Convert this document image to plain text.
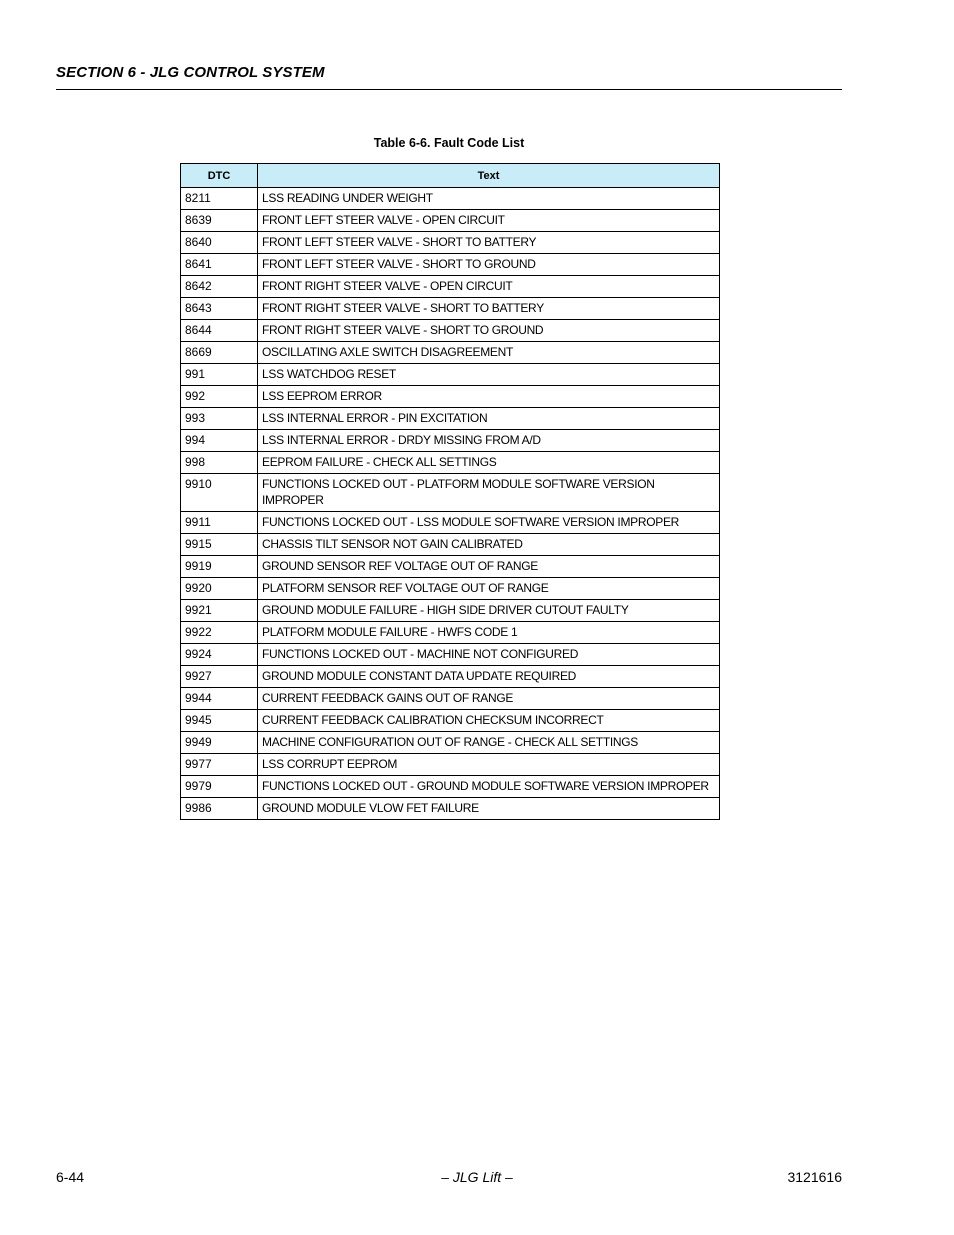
SECTION 6 - JLG CONTROL SYSTEM
Table 6-6. Fault Code List
DTC	Text
8211	LSS READING UNDER WEIGHT
8639	FRONT LEFT STEER VALVE - OPEN CIRCUIT
8640	FRONT LEFT STEER VALVE - SHORT TO BATTERY
8641	FRONT LEFT STEER VALVE - SHORT TO GROUND
8642	FRONT RIGHT STEER VALVE - OPEN CIRCUIT
8643	FRONT RIGHT STEER VALVE - SHORT TO BATTERY
8644	FRONT RIGHT STEER VALVE - SHORT TO GROUND
8669	OSCILLATING AXLE SWITCH DISAGREEMENT
991	LSS WATCHDOG RESET
992	LSS EEPROM ERROR
993	LSS INTERNAL ERROR - PIN EXCITATION
994	LSS INTERNAL ERROR - DRDY MISSING FROM A/D
998	EEPROM FAILURE - CHECK ALL SETTINGS
9910	FUNCTIONS LOCKED OUT - PLATFORM MODULE SOFTWARE VERSION IMPROPER
9911	FUNCTIONS LOCKED OUT - LSS MODULE SOFTWARE VERSION IMPROPER
9915	CHASSIS TILT SENSOR NOT GAIN CALIBRATED
9919	GROUND SENSOR REF VOLTAGE OUT OF RANGE
9920	PLATFORM SENSOR REF VOLTAGE OUT OF RANGE
9921	GROUND MODULE FAILURE - HIGH SIDE DRIVER CUTOUT FAULTY
9922	PLATFORM MODULE FAILURE - HWFS CODE 1
9924	FUNCTIONS LOCKED OUT - MACHINE NOT CONFIGURED
9927	GROUND MODULE CONSTANT DATA UPDATE REQUIRED
9944	CURRENT FEEDBACK GAINS OUT OF RANGE
9945	CURRENT FEEDBACK CALIBRATION CHECKSUM INCORRECT
9949	MACHINE CONFIGURATION OUT OF RANGE - CHECK ALL SETTINGS
9977	LSS CORRUPT EEPROM
9979	FUNCTIONS LOCKED OUT - GROUND MODULE SOFTWARE VERSION IMPROPER
9986	GROUND MODULE VLOW FET FAILURE
6-44	– JLG Lift –	3121616
